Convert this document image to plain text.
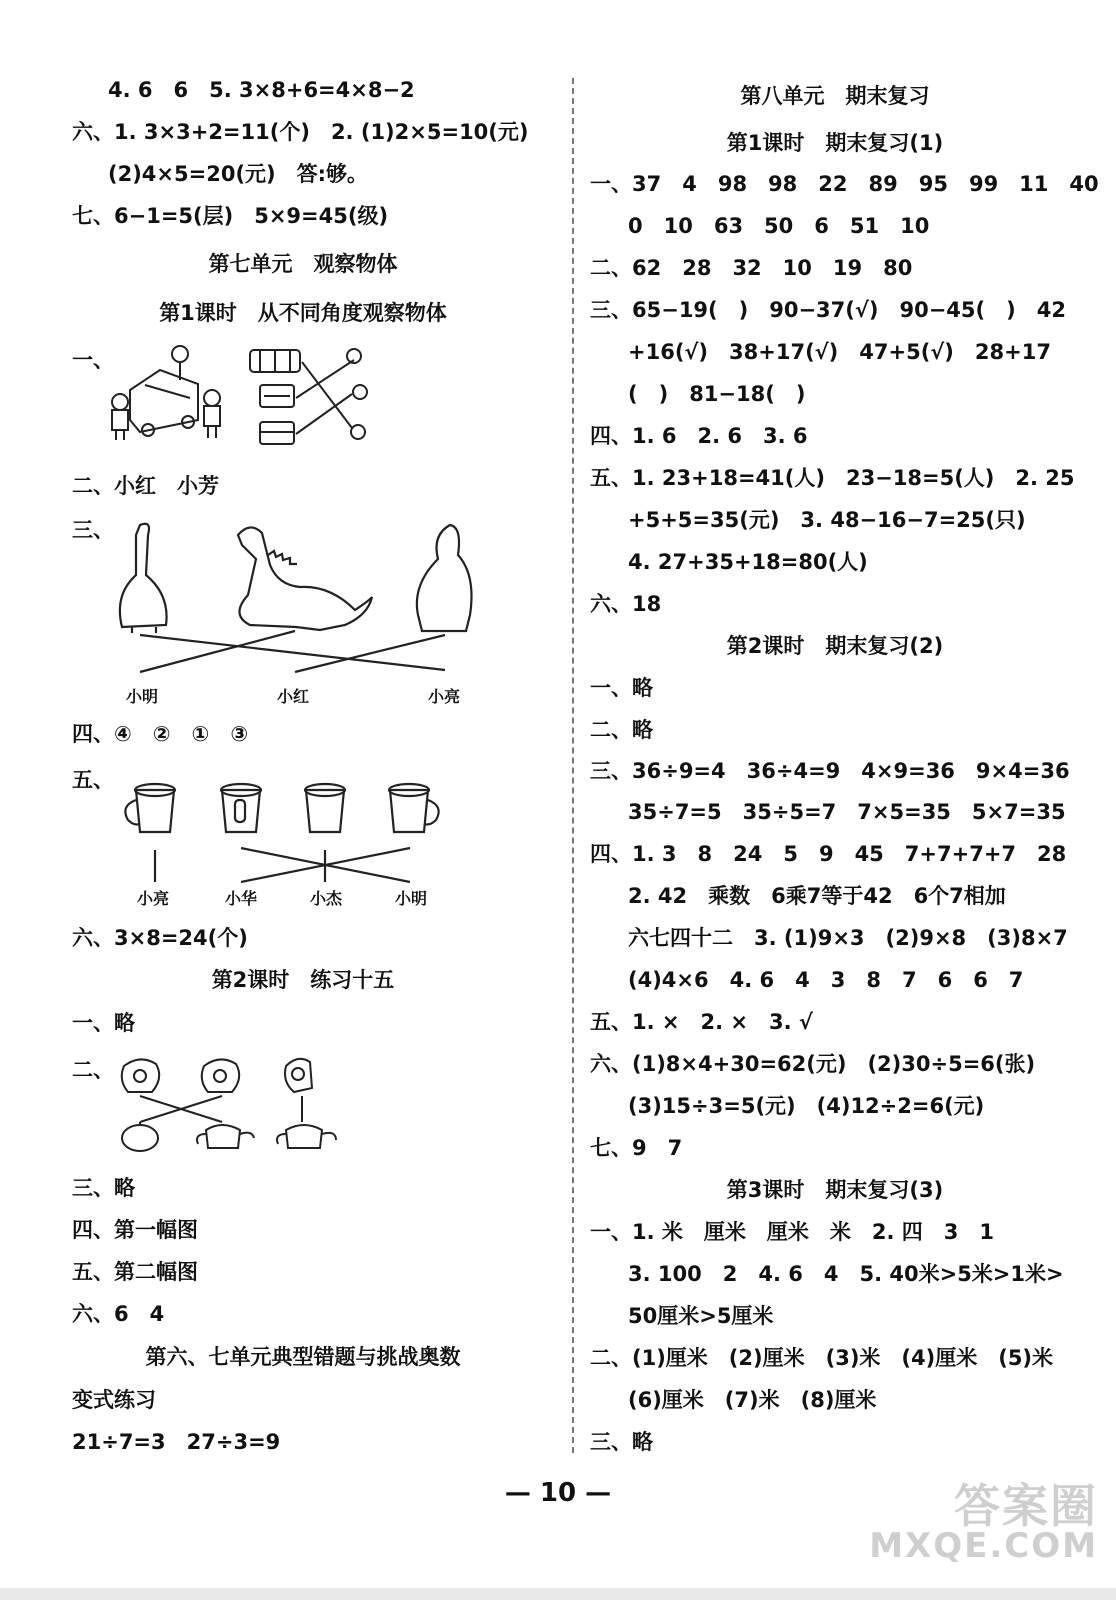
4. 6　6　5. 3×8+6=4×8−2
六、1. 3×3+2=11(个)　2. (1)2×5=10(元)
(2)4×5=20(元)　答:够。
七、6−1=5(层)　5×9=45(级)
第七单元　观察物体
第1课时　从不同角度观察物体
一、
二、小红　小芳
三、
小明	小红	小亮
四、④　②　①　③
五、
小亮	小华	小杰	小明
六、3×8=24(个)
第2课时　练习十五
一、略
二、
三、略
四、第一幅图
五、第二幅图
六、6　4
第六、七单元典型错题与挑战奥数
变式练习
21÷7=3　27÷3=9
第八单元　期末复习
第1课时　期末复习(1)
一、37　4　98　98　22　89　95　99　11　40
0　10　63　50　6　51　10
二、62　28　32　10　19　80
三、65−19(　)　90−37(√)　90−45(　)　42
+16(√)　38+17(√)　47+5(√)　28+17
(　)　81−18(　)
四、1. 6　2. 6　3. 6
五、1. 23+18=41(人)　23−18=5(人)　2. 25
+5+5=35(元)　3. 48−16−7=25(只)
4. 27+35+18=80(人)
六、18
第2课时　期末复习(2)
一、略
二、略
三、36÷9=4　36÷4=9　4×9=36　9×4=36
35÷7=5　35÷5=7　7×5=35　5×7=35
四、1. 3　8　24　5　9　45　7+7+7+7　28
2. 42　乘数　6乘7等于42　6个7相加
六七四十二　3. (1)9×3　(2)9×8　(3)8×7
(4)4×6　4. 6　4　3　8　7　6　6　7
五、1. ×　2. ×　3. √
六、(1)8×4+30=62(元)　(2)30÷5=6(张)
(3)15÷3=5(元)　(4)12÷2=6(元)
七、9　7
第3课时　期末复习(3)
一、1. 米　厘米　厘米　米　2. 四　3　1
3. 100　2　4. 6　4　5. 40米>5米>1米>
50厘米>5厘米
二、(1)厘米　(2)厘米　(3)米　(4)厘米　(5)米
(6)厘米　(7)米　(8)厘米
三、略
— 10 —	答案圈
MXQE.COM
